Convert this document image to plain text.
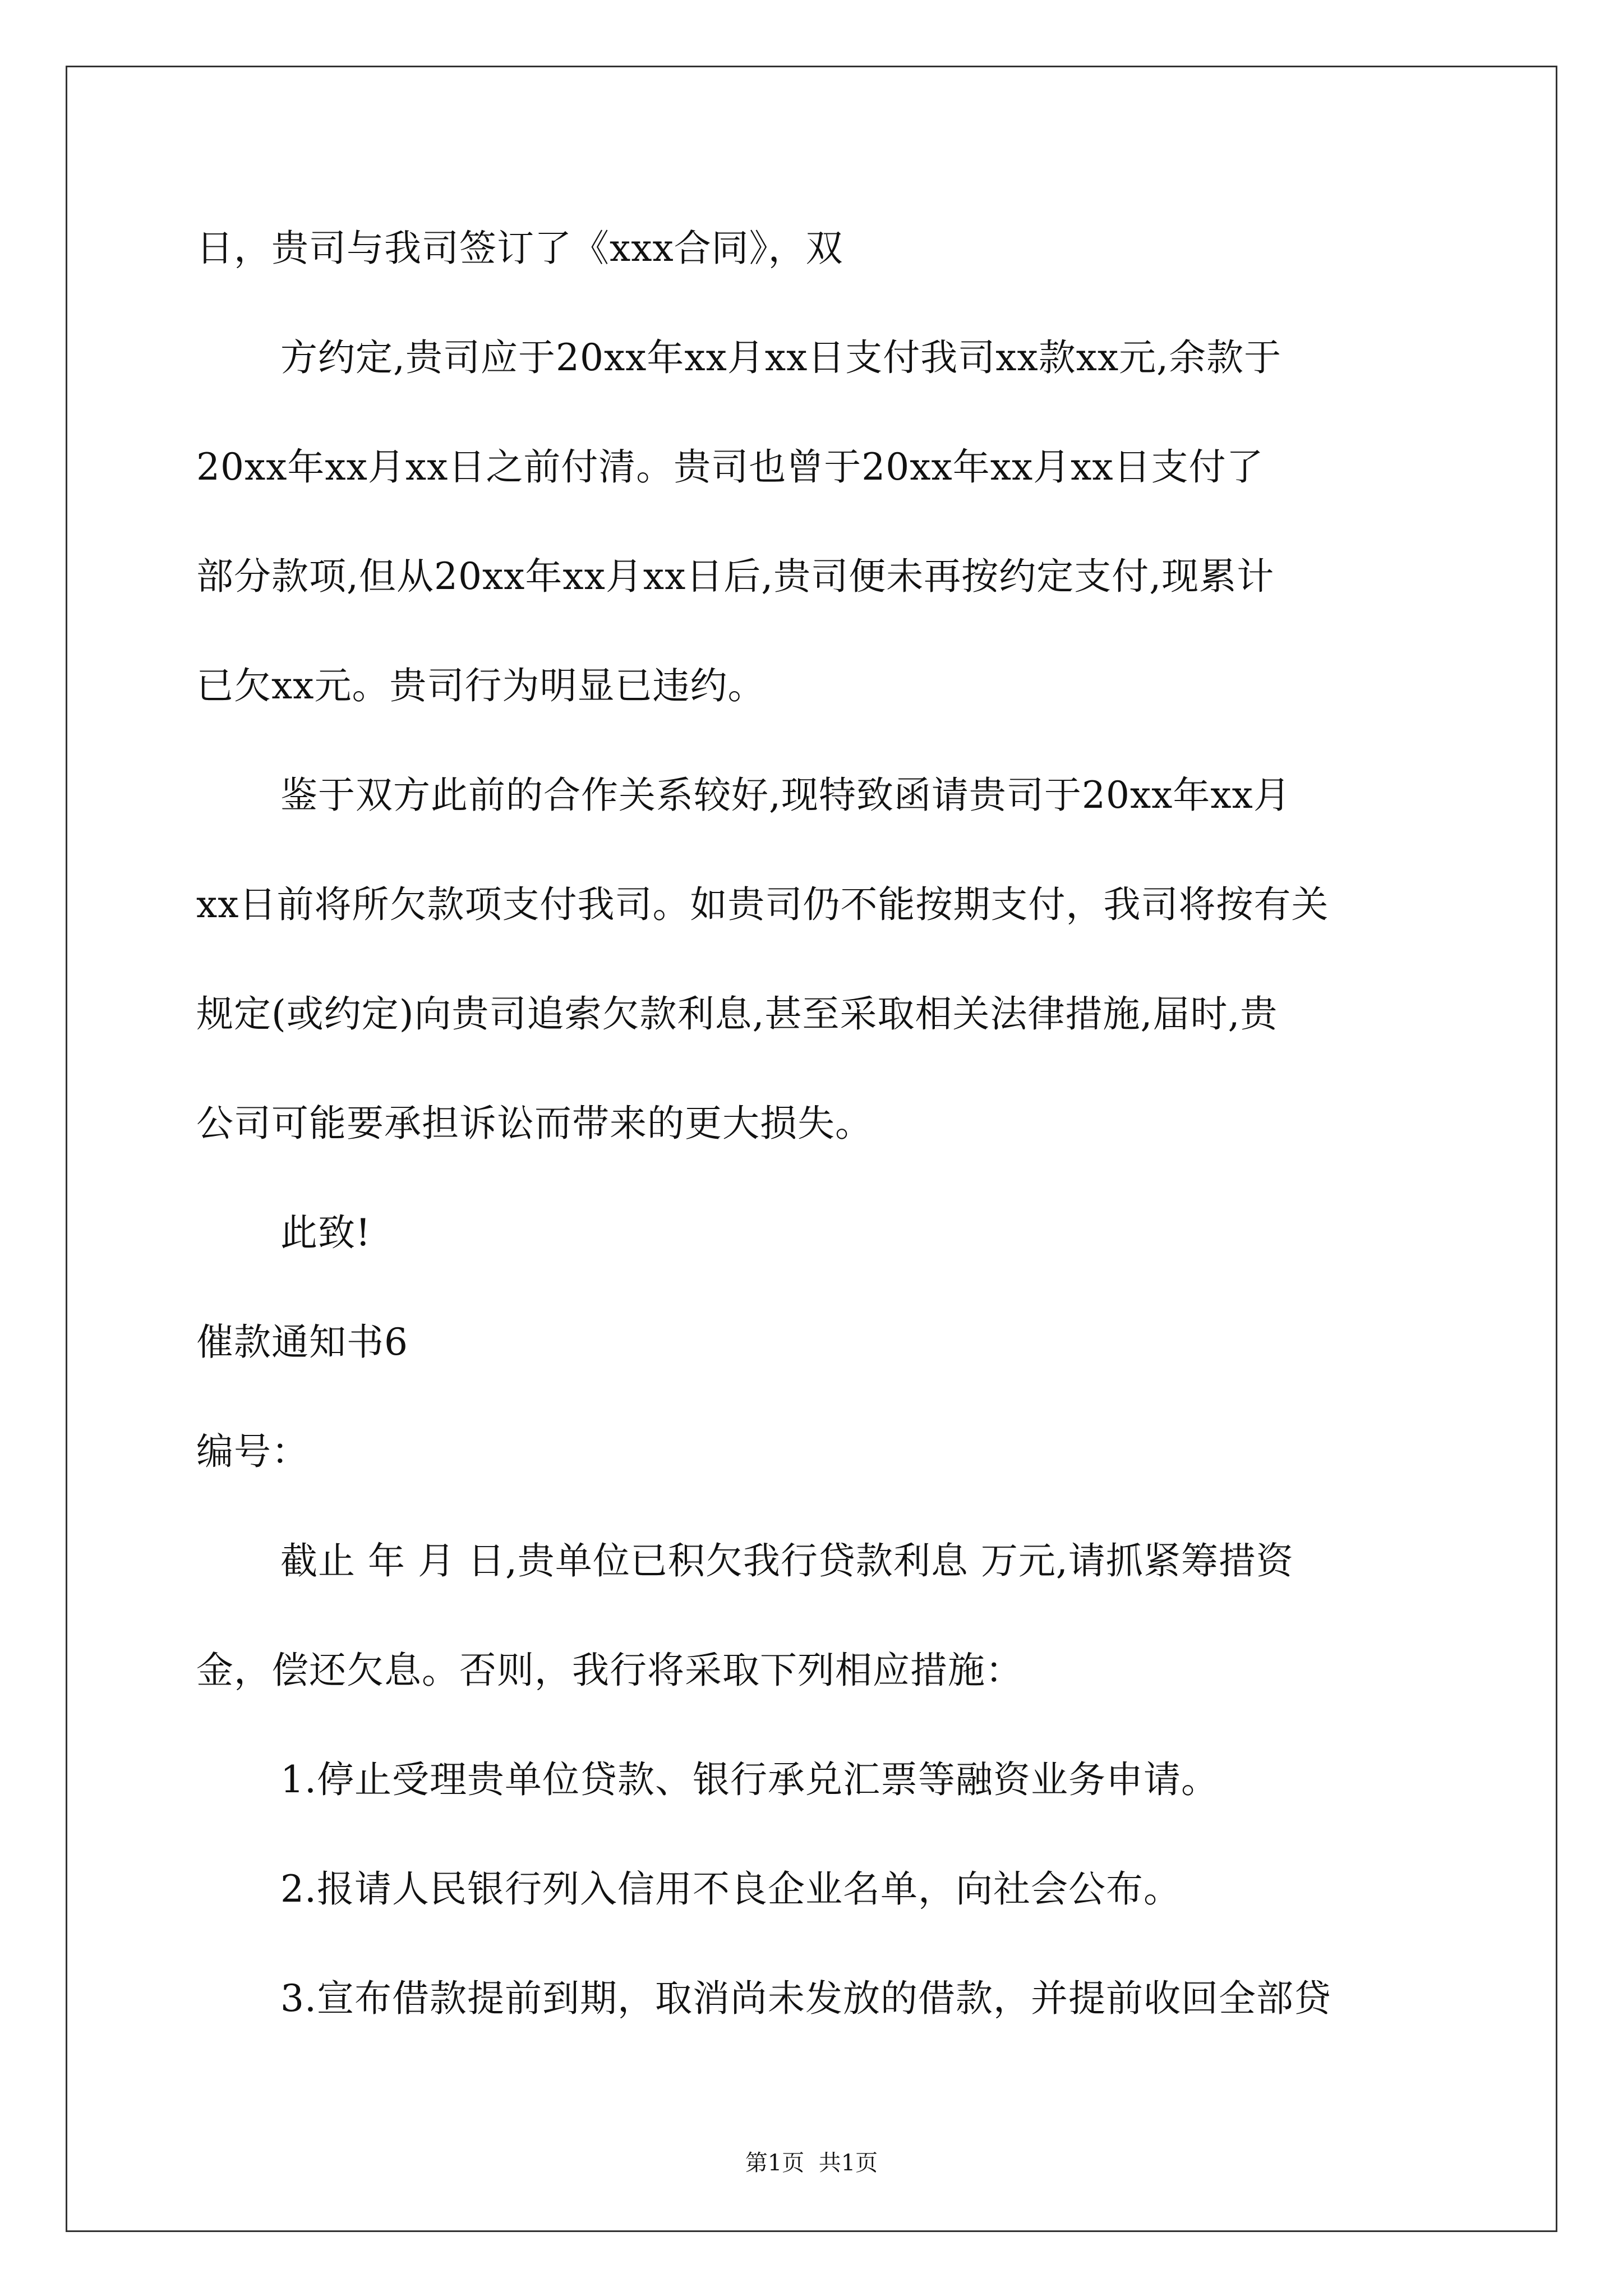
日，贵司与我司签订了《xxx合同》，双
方约定,贵司应于20xx年xx月xx日支付我司xx款xx元,余款于
20xx年xx月xx日之前付清。贵司也曾于20xx年xx月xx日支付了
部分款项,但从20xx年xx月xx日后,贵司便未再按约定支付,现累计
已欠xx元。贵司行为明显已违约。
鉴于双方此前的合作关系较好,现特致函请贵司于20xx年xx月
xx日前将所欠款项支付我司。如贵司仍不能按期支付，我司将按有关
规定(或约定)向贵司追索欠款利息,甚至采取相关法律措施,届时,贵
公司可能要承担诉讼而带来的更大损失。
此致!
催款通知书6
编号：
截止 年 月 日,贵单位已积欠我行贷款利息 万元,请抓紧筹措资
金，偿还欠息。否则，我行将采取下列相应措施：
1.停止受理贵单位贷款、银行承兑汇票等融资业务申请。
2.报请人民银行列入信用不良企业名单，向社会公布。
3.宣布借款提前到期，取消尚未发放的借款，并提前收回全部贷
第1页  共1页
